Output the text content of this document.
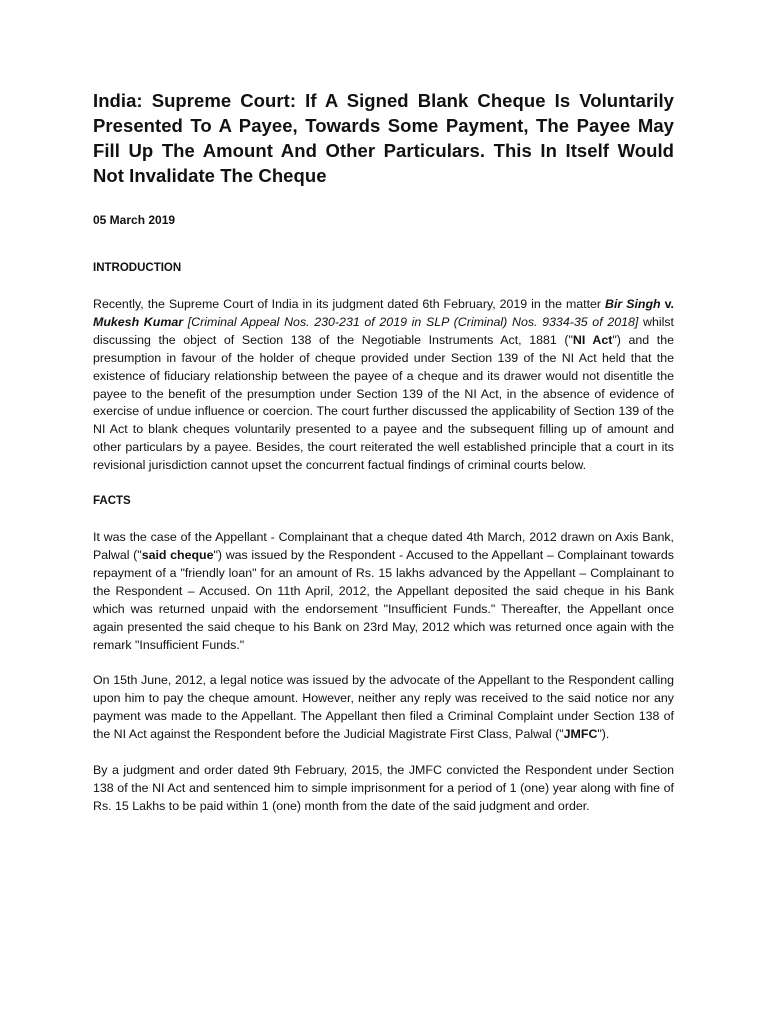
India: Supreme Court: If A Signed Blank Cheque Is Voluntarily Presented To A Payee, Towards Some Payment, The Payee May Fill Up The Amount And Other Particulars. This In Itself Would Not Invalidate The Cheque
05 March 2019
INTRODUCTION

Recently, the Supreme Court of India in its judgment dated 6th February, 2019 in the matter Bir Singh v. Mukesh Kumar [Criminal Appeal Nos. 230-231 of 2019 in SLP (Criminal) Nos. 9334-35 of 2018] whilst discussing the object of Section 138 of the Negotiable Instruments Act, 1881 ("NI Act") and the presumption in favour of the holder of cheque provided under Section 139 of the NI Act held that the existence of fiduciary relationship between the payee of a cheque and its drawer would not disentitle the payee to the benefit of the presumption under Section 139 of the NI Act, in the absence of evidence of exercise of undue influence or coercion. The court further discussed the applicability of Section 139 of the NI Act to blank cheques voluntarily presented to a payee and the subsequent filling up of amount and other particulars by a payee. Besides, the court reiterated the well established principle that a court in its revisional jurisdiction cannot upset the concurrent factual findings of criminal courts below.

FACTS

It was the case of the Appellant - Complainant that a cheque dated 4th March, 2012 drawn on Axis Bank, Palwal ("said cheque") was issued by the Respondent - Accused to the Appellant – Complainant towards repayment of a "friendly loan" for an amount of Rs. 15 lakhs advanced by the Appellant – Complainant to the Respondent – Accused. On 11th April, 2012, the Appellant deposited the said cheque in his Bank which was returned unpaid with the endorsement "Insufficient Funds." Thereafter, the Appellant once again presented the said cheque to his Bank on 23rd May, 2012 which was returned once again with the remark "Insufficient Funds."

On 15th June, 2012, a legal notice was issued by the advocate of the Appellant to the Respondent calling upon him to pay the cheque amount. However, neither any reply was received to the said notice nor any payment was made to the Appellant. The Appellant then filed a Criminal Complaint under Section 138 of the NI Act against the Respondent before the Judicial Magistrate First Class, Palwal ("JMFC").

By a judgment and order dated 9th February, 2015, the JMFC convicted the Respondent under Section 138 of the NI Act and sentenced him to simple imprisonment for a period of 1 (one) year along with fine of Rs. 15 Lakhs to be paid within 1 (one) month from the date of the said judgment and order.
